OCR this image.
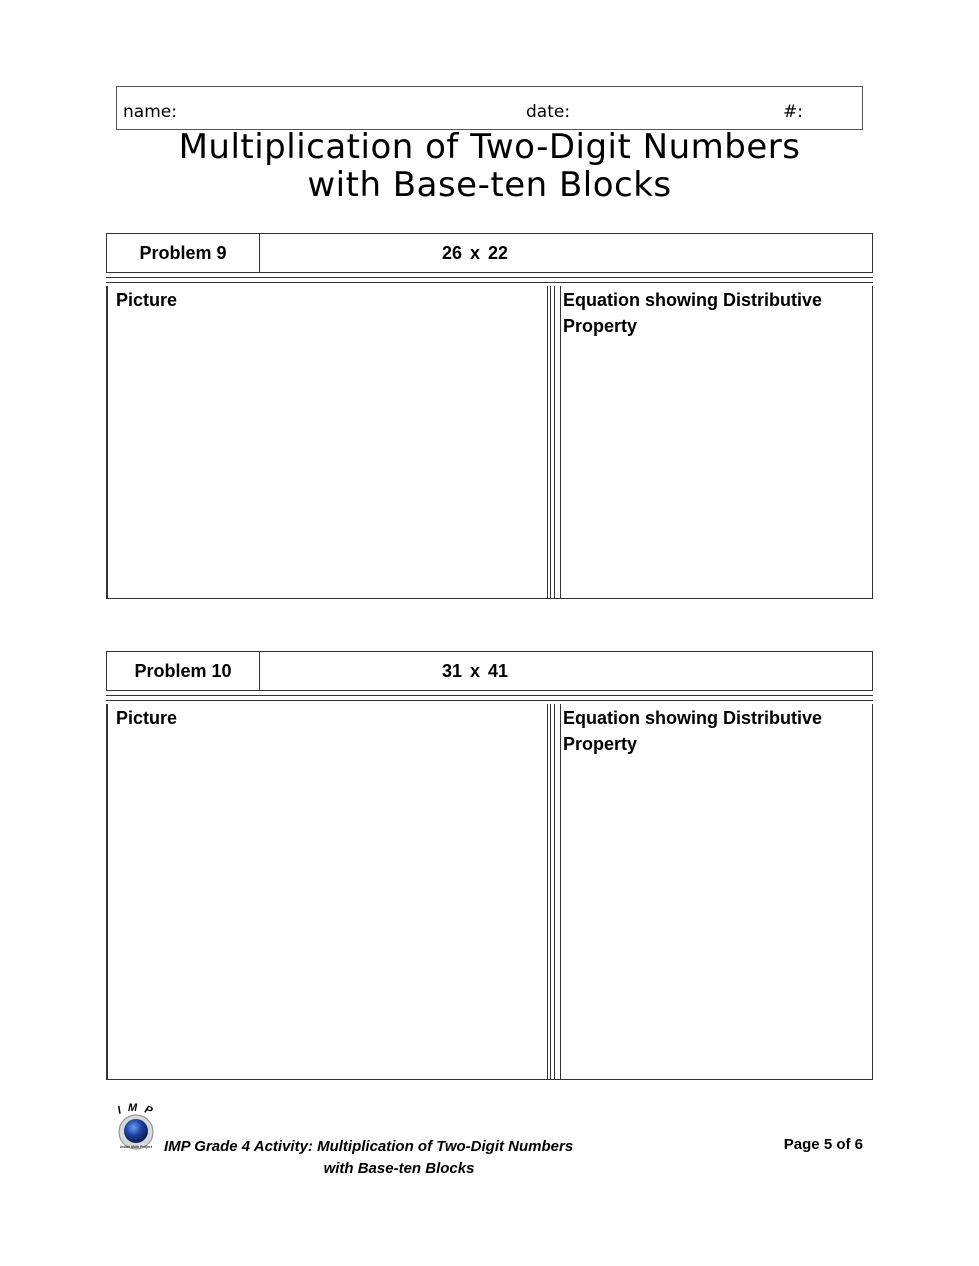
name:	date:	#:
Multiplication of Two-Digit Numbers
with Base-ten Blocks
Problem 9	26 x 22
Picture	Equation showing Distributive Property
Problem 10	31 x 41
Picture	Equation showing Distributive Property
I M P
Inside Math Project IMP Grade 4 Activity: Multiplication of Two-Digit Numbers
with Base-ten Blocks
Page 5 of 6
